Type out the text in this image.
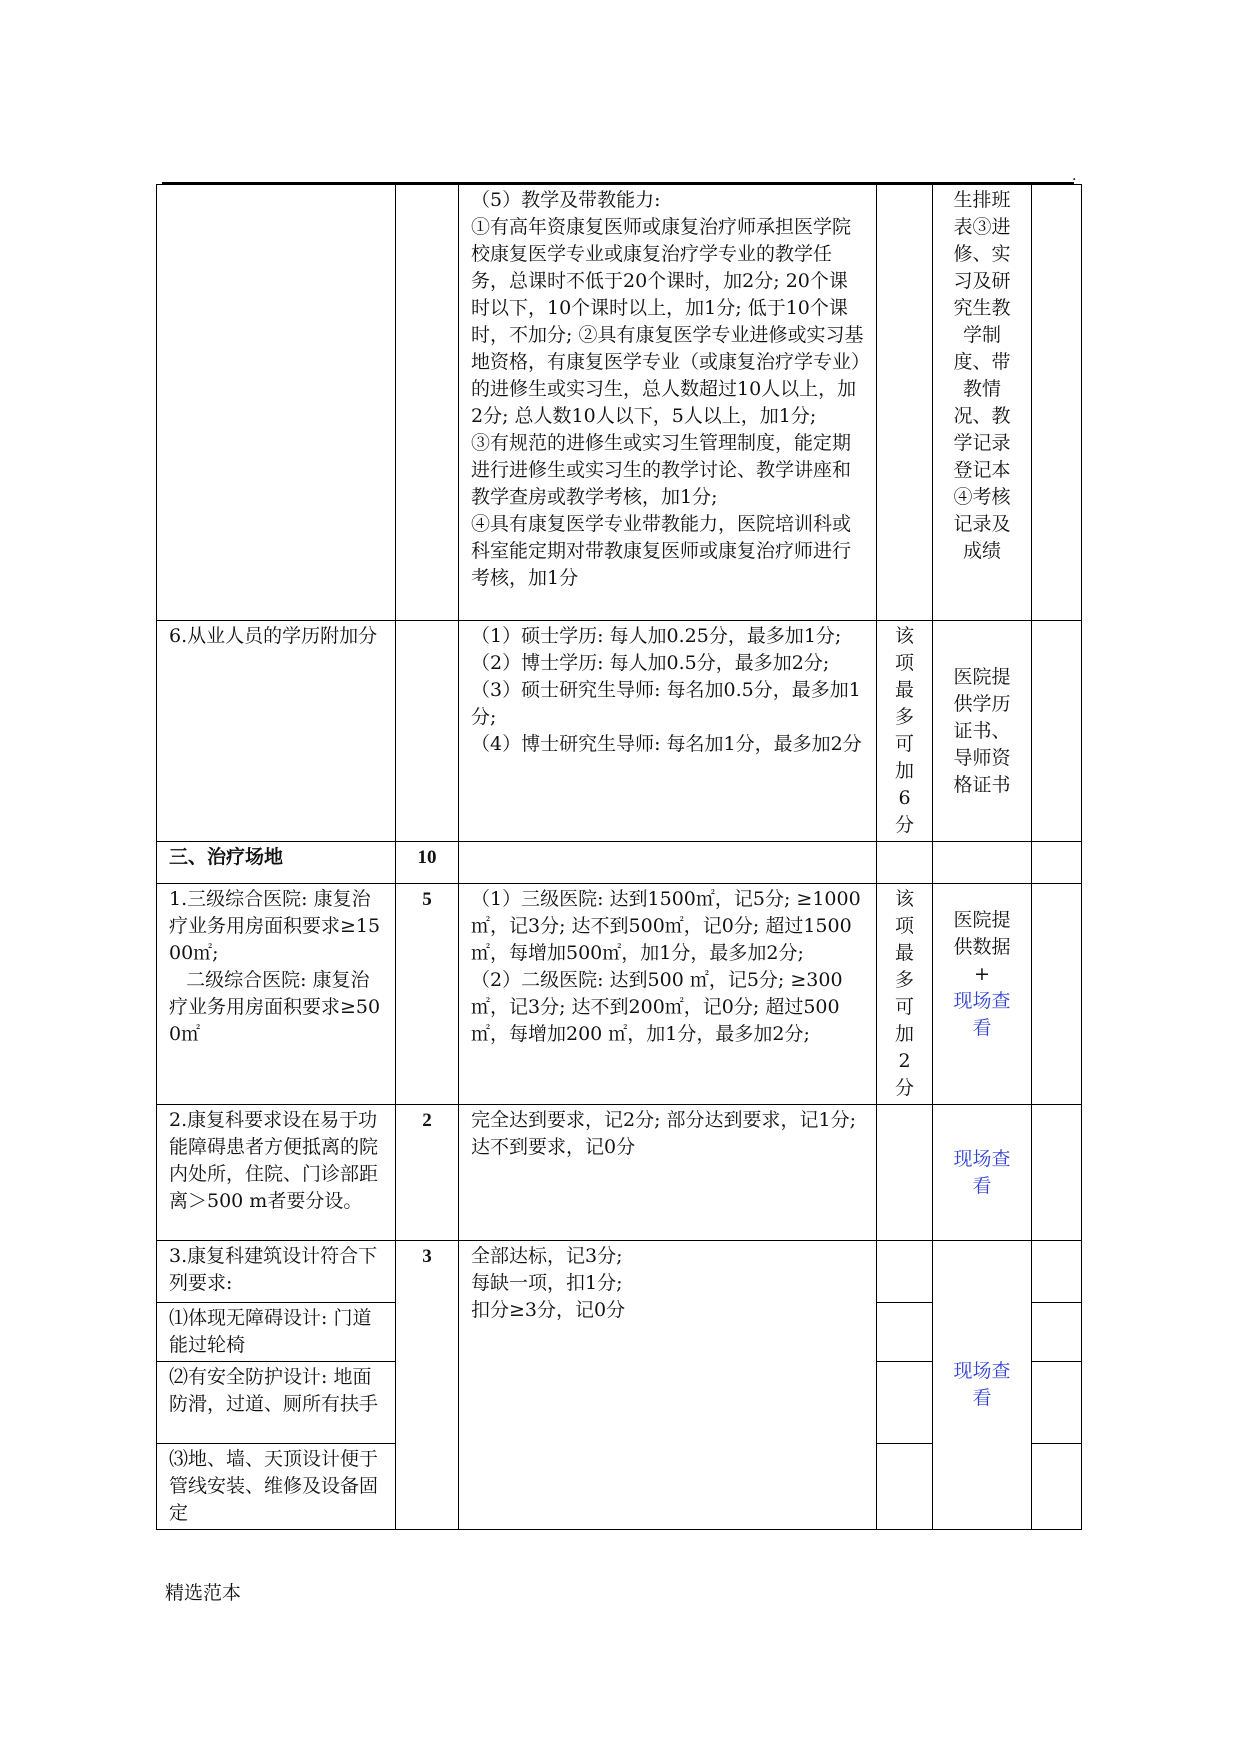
.

		（5）教学及带教能力:
①有高年资康复医师或康复治疗师承担医学院校康复医学专业或康复治疗学专业的教学任务，总课时不低于20个课时，加2分; 20个课时以下，10个课时以上，加1分; 低于10个课时，不加分; ②具有康复医学专业进修或实习基地资格，有康复医学专业（或康复治疗学专业）的进修生或实习生，总人数超过10人以上，加2分; 总人数10人以下，5人以上，加1分;
③有规范的进修生或实习生管理制度，能定期进行进修生或实习生的教学讨论、教学讲座和教学查房或教学考核，加1分;
④具有康复医学专业带教能力，医院培训科或科室能定期对带教康复医师或康复治疗师进行考核，加1分		生排班表③进修、实习及研究生教学制度、带教情况、教学记录登记本 ④考核记录及成绩	
6.从业人员的学历附加分		（1）硕士学历: 每人加0.25分，最多加1分;
（2）博士学历: 每人加0.5分，最多加2分;
（3）硕士研究生导师: 每名加0.5分，最多加1分;
（4）博士研究生导师: 每名加1分，最多加2分	该项最多可加6分	医院提供学历证书、导师资格证书	
三、治疗场地	10				

1.三级综合医院: 康复治疗业务用房面积要求≥1500㎡;
二级综合医院: 康复治疗业务用房面积要求≥500㎡	5	（1）三级医院: 达到1500㎡，记5分; ≥1000㎡，记3分; 达不到500㎡，记0分; 超过1500㎡，每增加500㎡，加1分，最多加2分;
（2）二级医院: 达到500 ㎡，记5分; ≥300㎡，记3分; 达不到200㎡，记0分; 超过500㎡，每增加200 ㎡，加1分，最多加2分;	该项最多可加2分	医院提供数据
+
现场查看	

2.康复科要求设在易于功能障碍患者方便抵离的院内处所，住院、门诊部距离＞500 m者要分设。	2	完全达到要求，记2分; 部分达到要求，记1分; 达不到要求，记0分		现场查看	
3.康复科建筑设计符合下列要求:	3	全部达标，记3分;
每缺一项，扣1分;
扣分≥3分，记0分		现场查看	
⑴体现无障碍设计: 门道能过轮椅					
⑵有安全防护设计: 地面防滑，过道、厕所有扶手					
⑶地、墙、天顶设计便于管线安装、维修及设备固定					
精选范本
